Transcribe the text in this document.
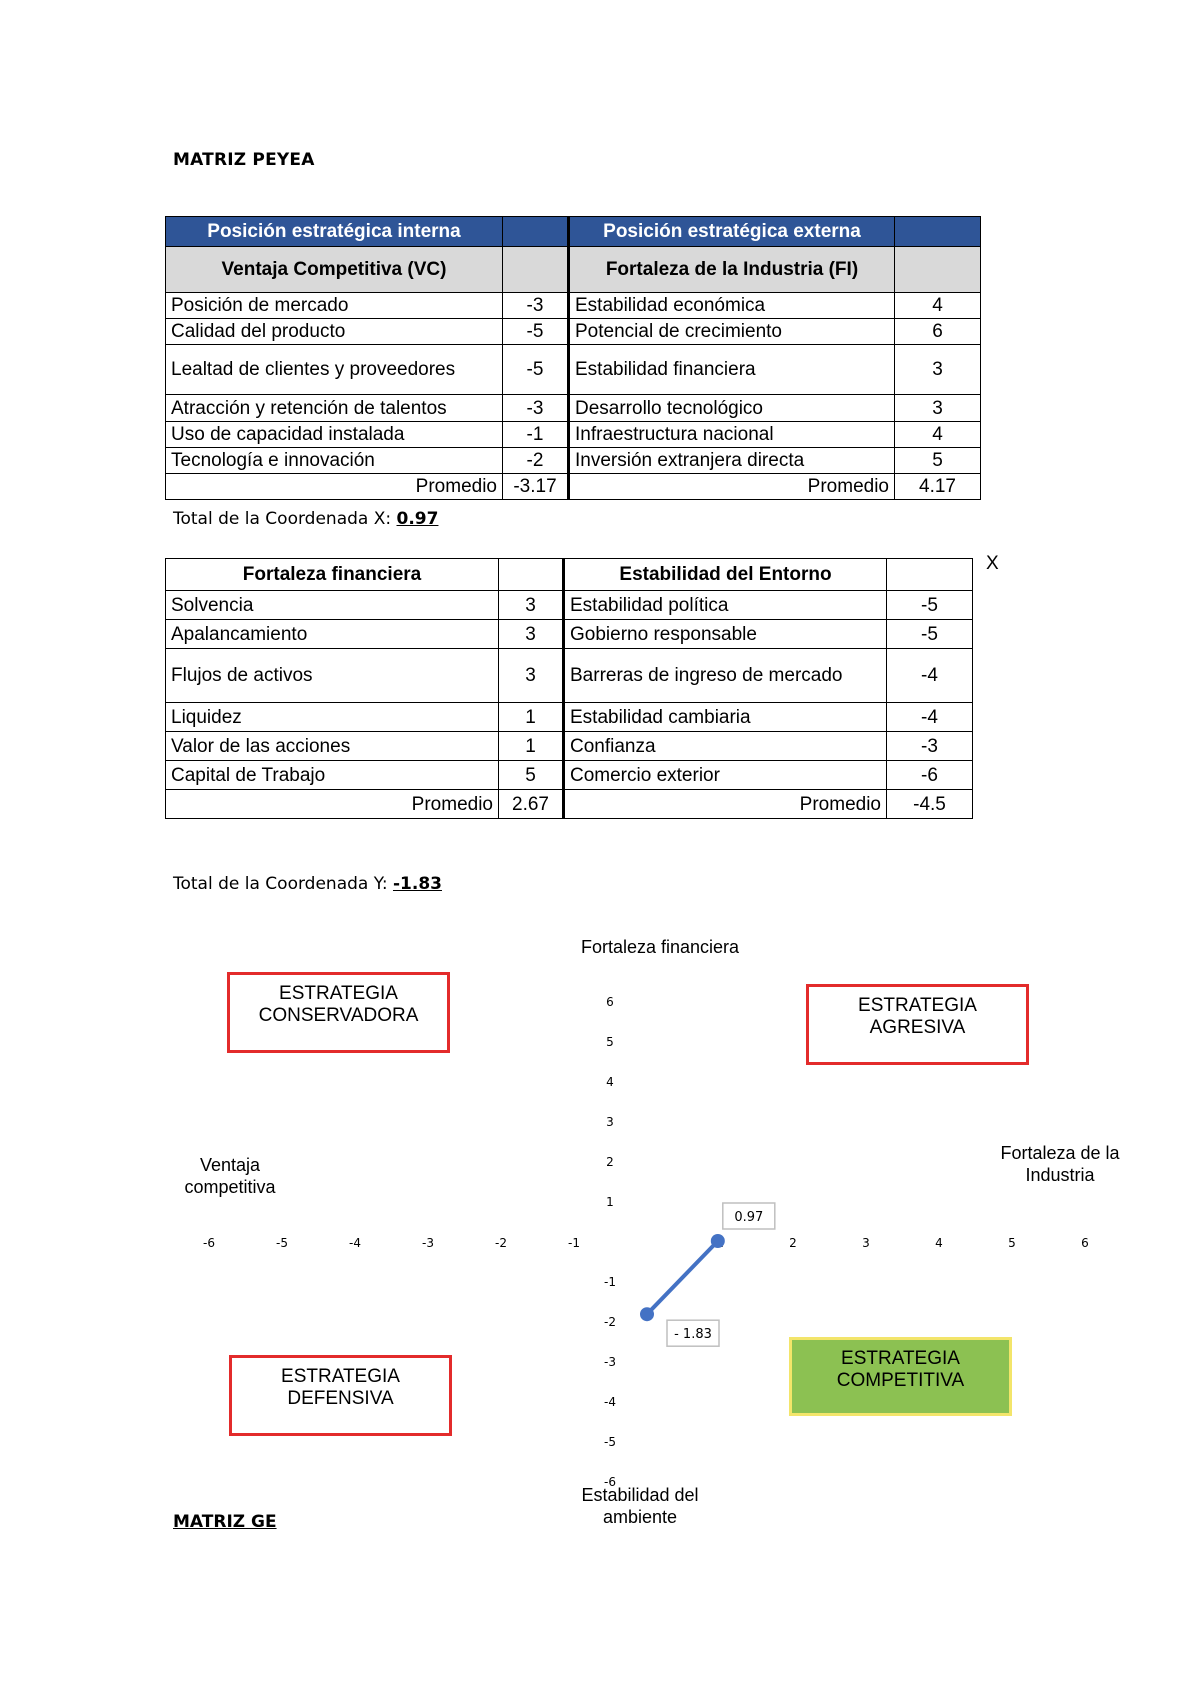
MATRIZ PEYEA
Posición estratégica interna		Posición estratégica externa	
Ventaja Competitiva (VC)		Fortaleza de la Industria (FI)	
Posición de mercado	-3	Estabilidad económica	4
Calidad del producto	-5	Potencial de crecimiento	6
Lealtad de clientes y proveedores	-5	Estabilidad financiera	3
Atracción y retención de talentos	-3	Desarrollo tecnológico	3
Uso de capacidad instalada	-1	Infraestructura nacional	4
Tecnología e innovación	-2	Inversión extranjera directa	5
Promedio	-3.17	Promedio	4.17
Total de la Coordenada X: 0.97
X
Fortaleza financiera		Estabilidad del Entorno	
Solvencia	3	Estabilidad política	-5
Apalancamiento	3	Gobierno responsable	-5
Flujos de activos	3	Barreras de ingreso de mercado	-4
Liquidez	1	Estabilidad cambiaria	-4
Valor de las acciones	1	Confianza	-3
Capital de Trabajo	5	Comercio exterior	-6
Promedio	2.67	Promedio	-4.5
Total de la Coordenada Y: -1.83
Fortaleza financiera
Estabilidad del ambiente
Ventaja competitiva
Fortaleza de la Industria
ESTRATEGIA CONSERVADORA	ESTRATEGIA AGRESIVA
ESTRATEGIA DEFENSIVA
ESTRATEGIA COMPETITIVA
-6	-5	-4	-3	-2	-1	2	3	4	5	6
6
5
4
3
2
1
-1
-2
-3
-4
-5
-6
0.97
- 1.83
MATRIZ GE
